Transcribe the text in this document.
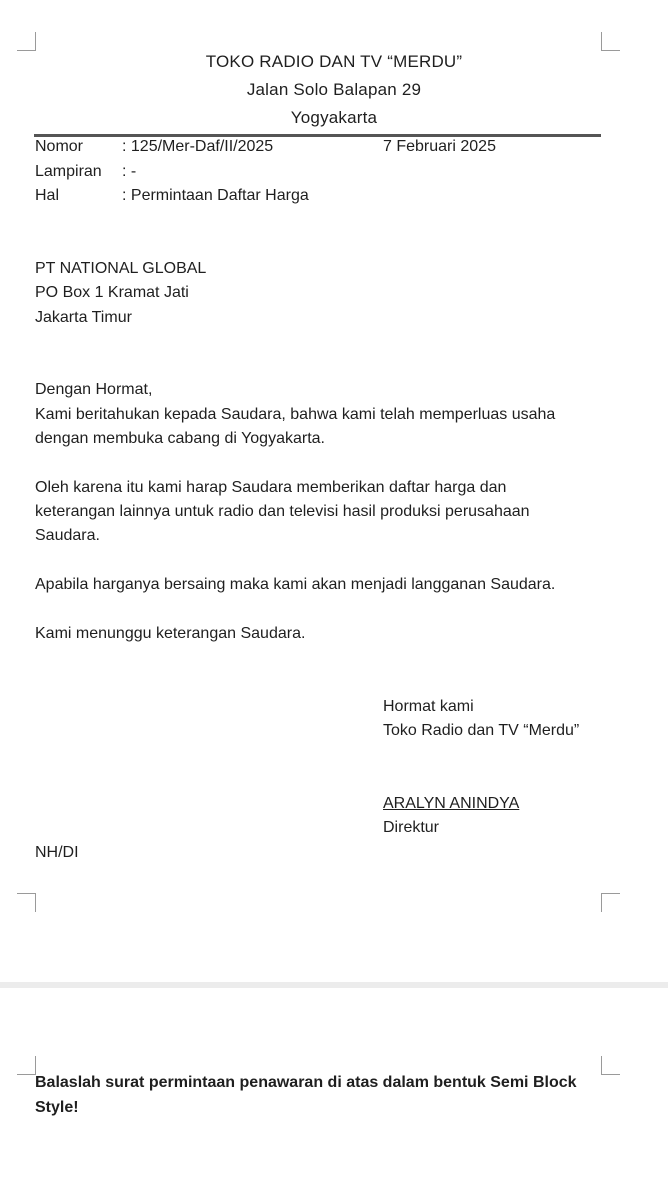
TOKO RADIO DAN TV “MERDU”
Jalan Solo Balapan 29
Yogyakarta
Nomor : 125/Mer-Daf/II/2025	7 Februari 2025
Lampiran : -
Hal	: Permintaan Daftar Harga
PT NATIONAL GLOBAL
PO Box 1 Kramat Jati
Jakarta Timur
Dengan Hormat,
Kami beritahukan kepada Saudara, bahwa kami telah memperluas usaha
dengan membuka cabang di Yogyakarta.
Oleh karena itu kami harap Saudara memberikan daftar harga dan
keterangan lainnya untuk radio dan televisi hasil produksi perusahaan
Saudara.
Apabila harganya bersaing maka kami akan menjadi langganan Saudara.
Kami menunggu keterangan Saudara.
Hormat kami
Toko Radio dan TV “Merdu”
ARALYN ANINDYA
Direktur
NH/DI
Balaslah surat permintaan penawaran di atas dalam bentuk Semi Block
Style!
